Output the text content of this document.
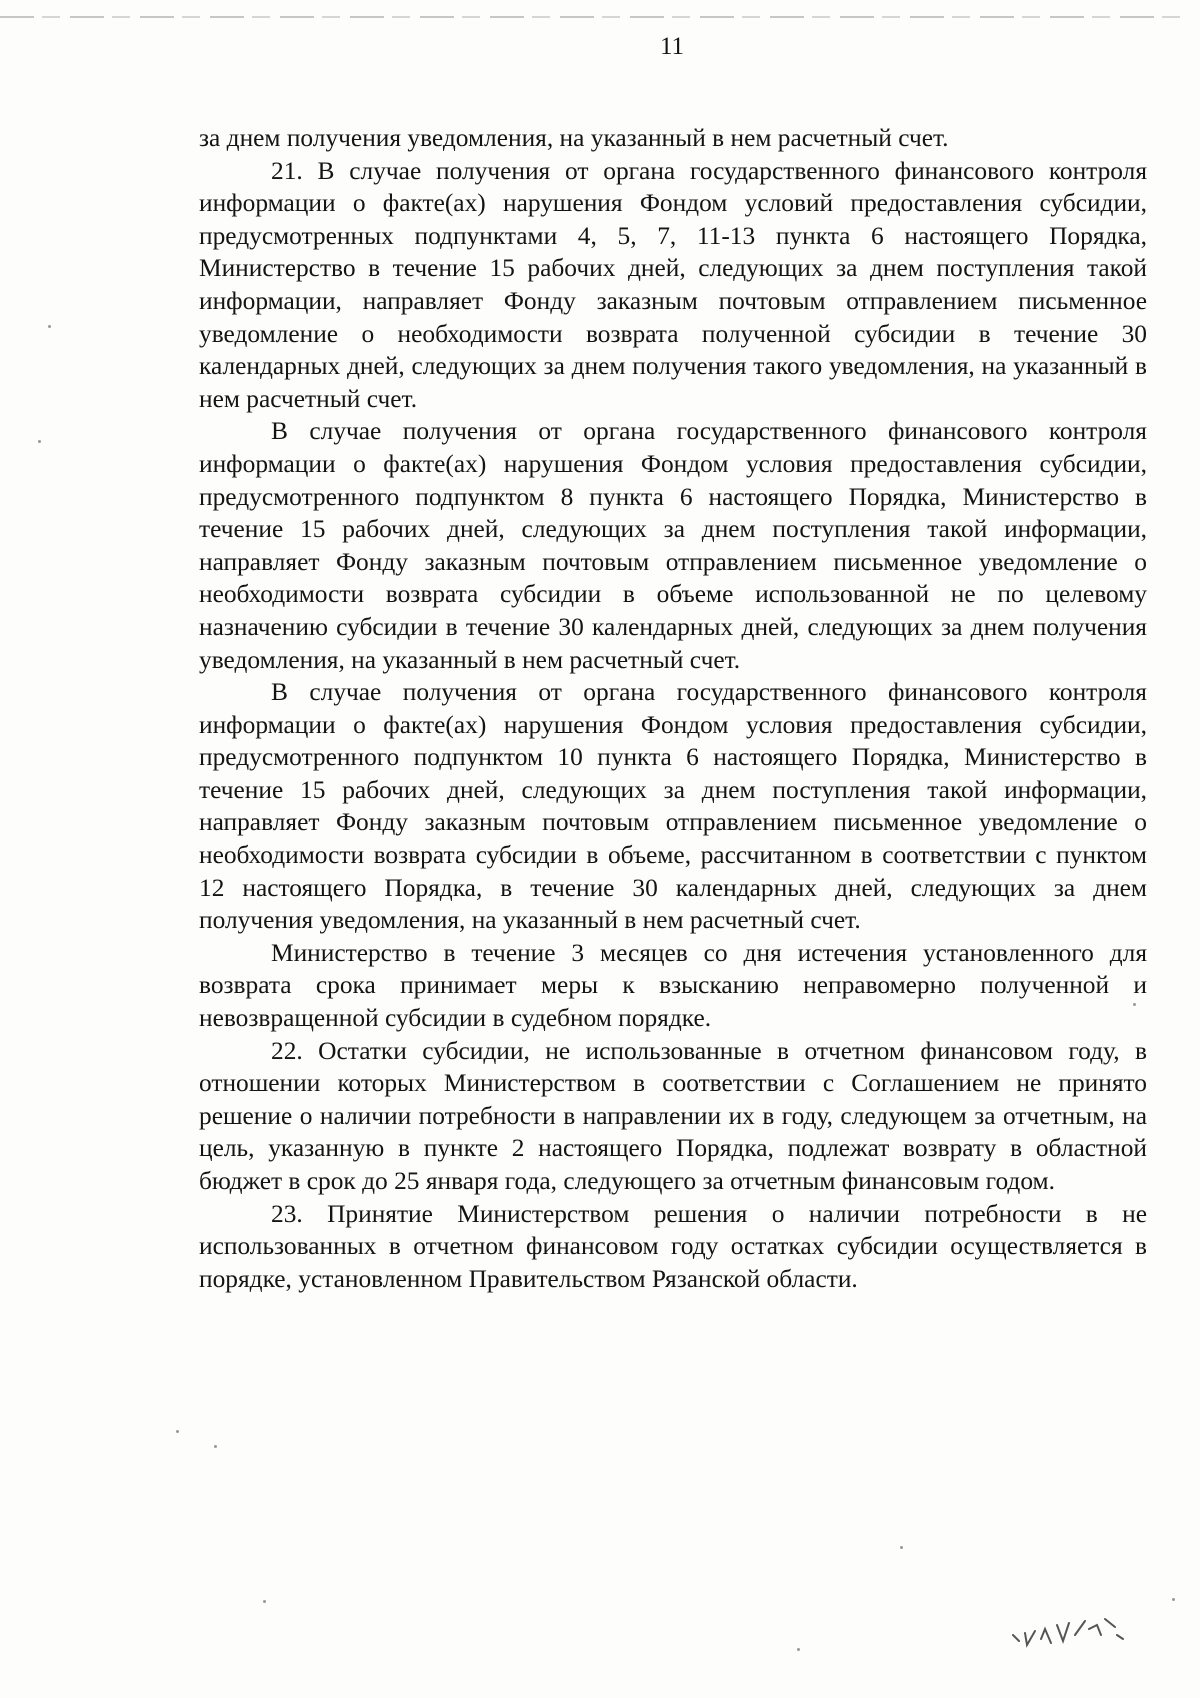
11

за днем получения уведомления, на указанный в нем расчетный счет.

21. В случае получения от органа государственного финансового контроля информации о факте(ах) нарушения Фондом условий предоставления субсидии, предусмотренных подпунктами 4, 5, 7, 11-13 пункта 6 настоящего Порядка, Министерство в течение 15 рабочих дней, следующих за днем поступления такой информации, направляет Фонду заказным почтовым отправлением письменное уведомление о необходимости возврата полученной субсидии в течение 30 календарных дней, следующих за днем получения такого уведомления, на указанный в нем расчетный счет.

В случае получения от органа государственного финансового контроля информации о факте(ах) нарушения Фондом условия предоставления субсидии, предусмотренного подпунктом 8 пункта 6 настоящего Порядка, Министерство в течение 15 рабочих дней, следующих за днем поступления такой информации, направляет Фонду заказным почтовым отправлением письменное уведомление о необходимости возврата субсидии в объеме использованной не по целевому назначению субсидии в течение 30 календарных дней, следующих за днем получения уведомления, на указанный в нем расчетный счет.

В случае получения от органа государственного финансового контроля информации о факте(ах) нарушения Фондом условия предоставления субсидии, предусмотренного подпунктом 10 пункта 6 настоящего Порядка, Министерство в течение 15 рабочих дней, следующих за днем поступления такой информации, направляет Фонду заказным почтовым отправлением письменное уведомление о необходимости возврата субсидии в объеме, рассчитанном в соответствии с пунктом 12 настоящего Порядка, в течение 30 календарных дней, следующих за днем получения уведомления, на указанный в нем расчетный счет.

Министерство в течение 3 месяцев со дня истечения установленного для возврата срока принимает меры к взысканию неправомерно полученной и невозвращенной субсидии в судебном порядке.

22. Остатки субсидии, не использованные в отчетном финансовом году, в отношении которых Министерством в соответствии с Соглашением не принято решение о наличии потребности в направлении их в году, следующем за отчетным, на цель, указанную в пункте 2 настоящего Порядка, подлежат возврату в областной бюджет в срок до 25 января года, следующего за отчетным финансовым годом.

23. Принятие Министерством решения о наличии потребности в не использованных в отчетном финансовом году остатках субсидии осуществляется в порядке, установленном Правительством Рязанской области.
